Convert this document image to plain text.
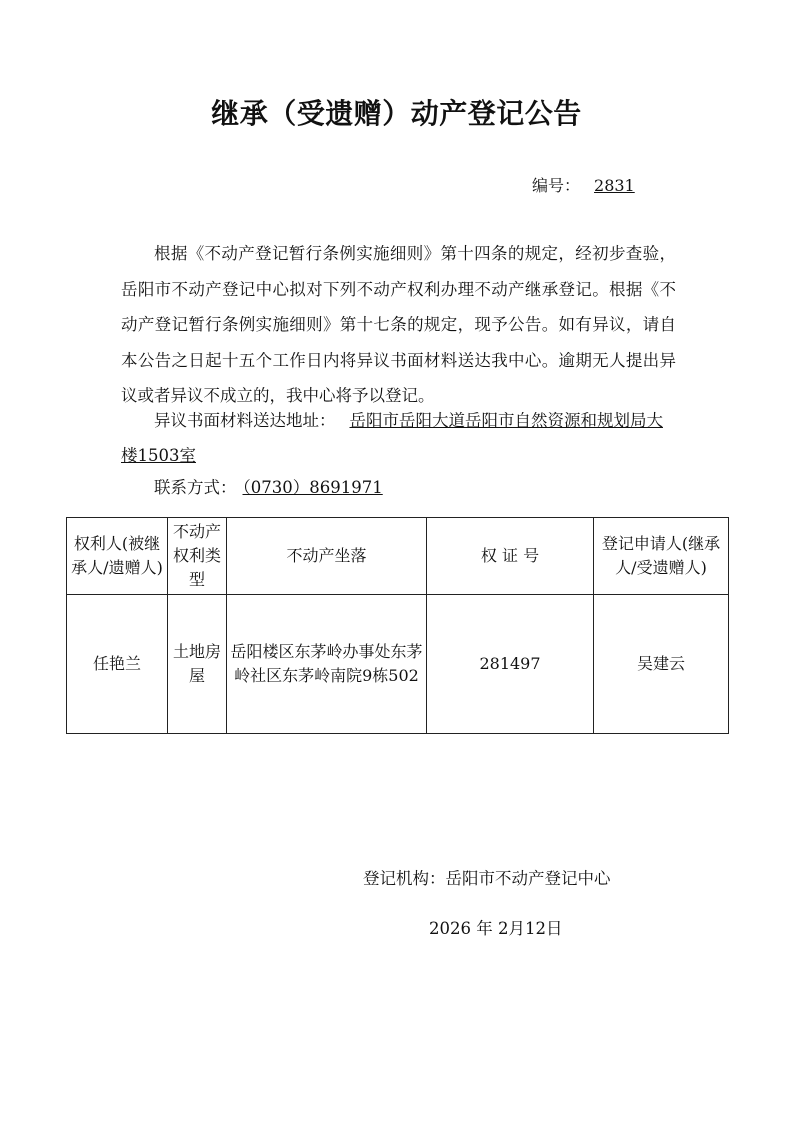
继承（受遗赠）动产登记公告
编号： 2831

根据《不动产登记暂行条例实施细则》第十四条的规定，经初步查验，岳阳市不动产登记中心拟对下列不动产权利办理不动产继承登记。根据《不动产登记暂行条例实施细则》第十七条的规定，现予公告。如有异议，请自本公告之日起十五个工作日内将异议书面材料送达我中心。逾期无人提出异议或者异议不成立的，我中心将予以登记。

异议书面材料送达地址： 岳阳市岳阳大道岳阳市自然资源和规划局大楼1503室
联系方式： （0730）8691971
权利人(被继承人/遗赠人)	不动产权利类型	不动产坐落	权 证 号	登记申请人(继承人/受遗赠人)
任艳兰	土地房屋	岳阳楼区东茅岭办事处东茅岭社区东茅岭南院9栋502	281497	吴建云
登记机构：岳阳市不动产登记中心
2026 年 2月12日
